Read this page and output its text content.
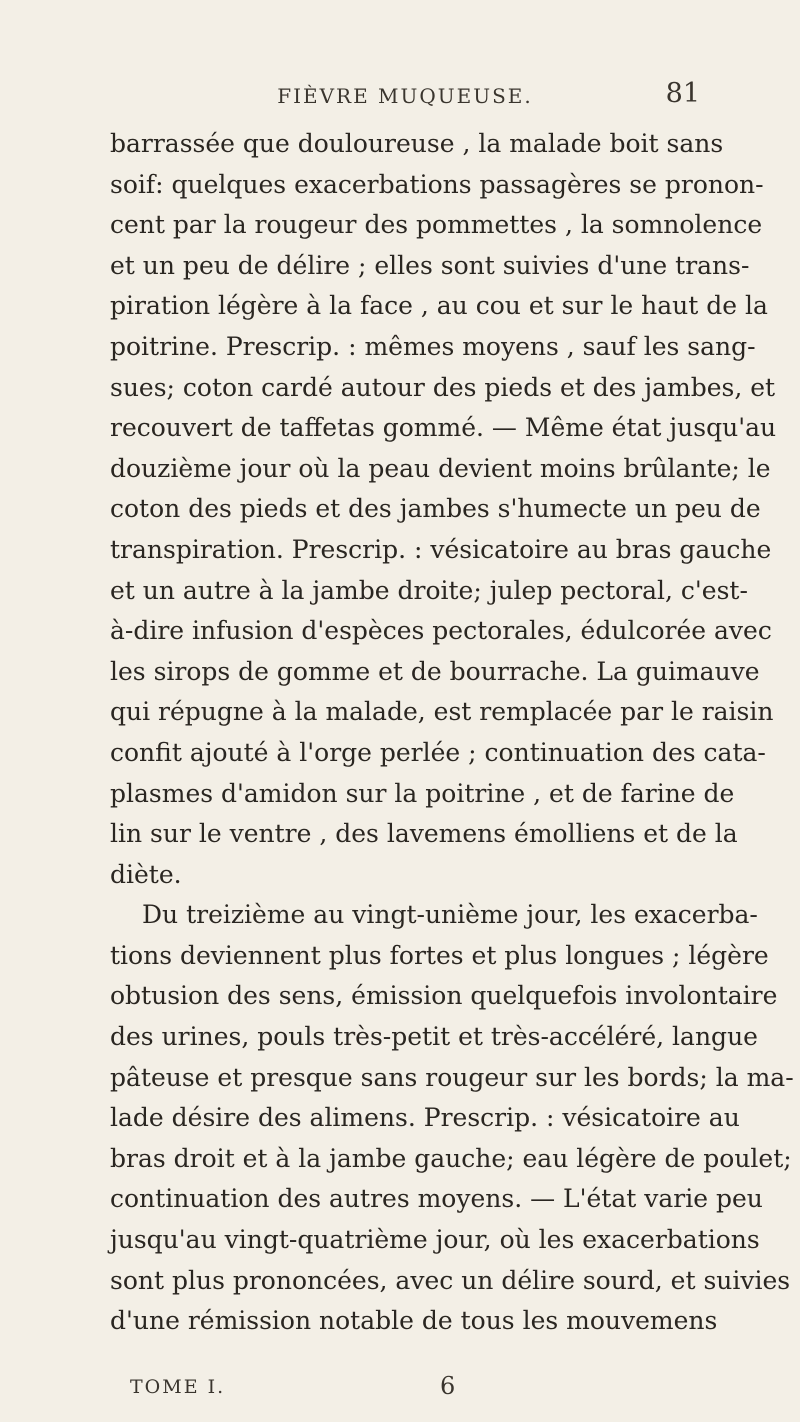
FIÈVRE MUQUEUSE.	81
barrassée que douloureuse , la malade boit sans
soif: quelques exacerbations passagères se pronon-
cent par la rougeur des pommettes , la somnolence
et un peu de délire ; elles sont suivies d'une trans-
piration légère à la face , au cou et sur le haut de la
poitrine. Prescrip. : mêmes moyens , sauf les sang-
sues; coton cardé autour des pieds et des jambes, et
recouvert de taffetas gommé. — Même état jusqu'au
douzième jour où la peau devient moins brûlante; le
coton des pieds et des jambes s'humecte un peu de
transpiration. Prescrip. : vésicatoire au bras gauche
et un autre à la jambe droite; julep pectoral, c'est-
à-dire infusion d'espèces pectorales, édulcorée avec
les sirops de gomme et de bourrache. La guimauve
qui répugne à la malade, est remplacée par le raisin
confit ajouté à l'orge perlée ; continuation des cata-
plasmes d'amidon sur la poitrine , et de farine de
lin sur le ventre , des lavemens émolliens et de la
diète.
Du treizième au vingt-unième jour, les exacerba-
tions deviennent plus fortes et plus longues ; légère
obtusion des sens, émission quelquefois involontaire
des urines, pouls très-petit et très-accéléré, langue
pâteuse et presque sans rougeur sur les bords; la ma-
lade désire des alimens. Prescrip. : vésicatoire au
bras droit et à la jambe gauche; eau légère de poulet;
continuation des autres moyens. — L'état varie peu
jusqu'au vingt-quatrième jour, où les exacerbations
sont plus prononcées, avec un délire sourd, et suivies
d'une rémission notable de tous les mouvemens
TOME I.	6
